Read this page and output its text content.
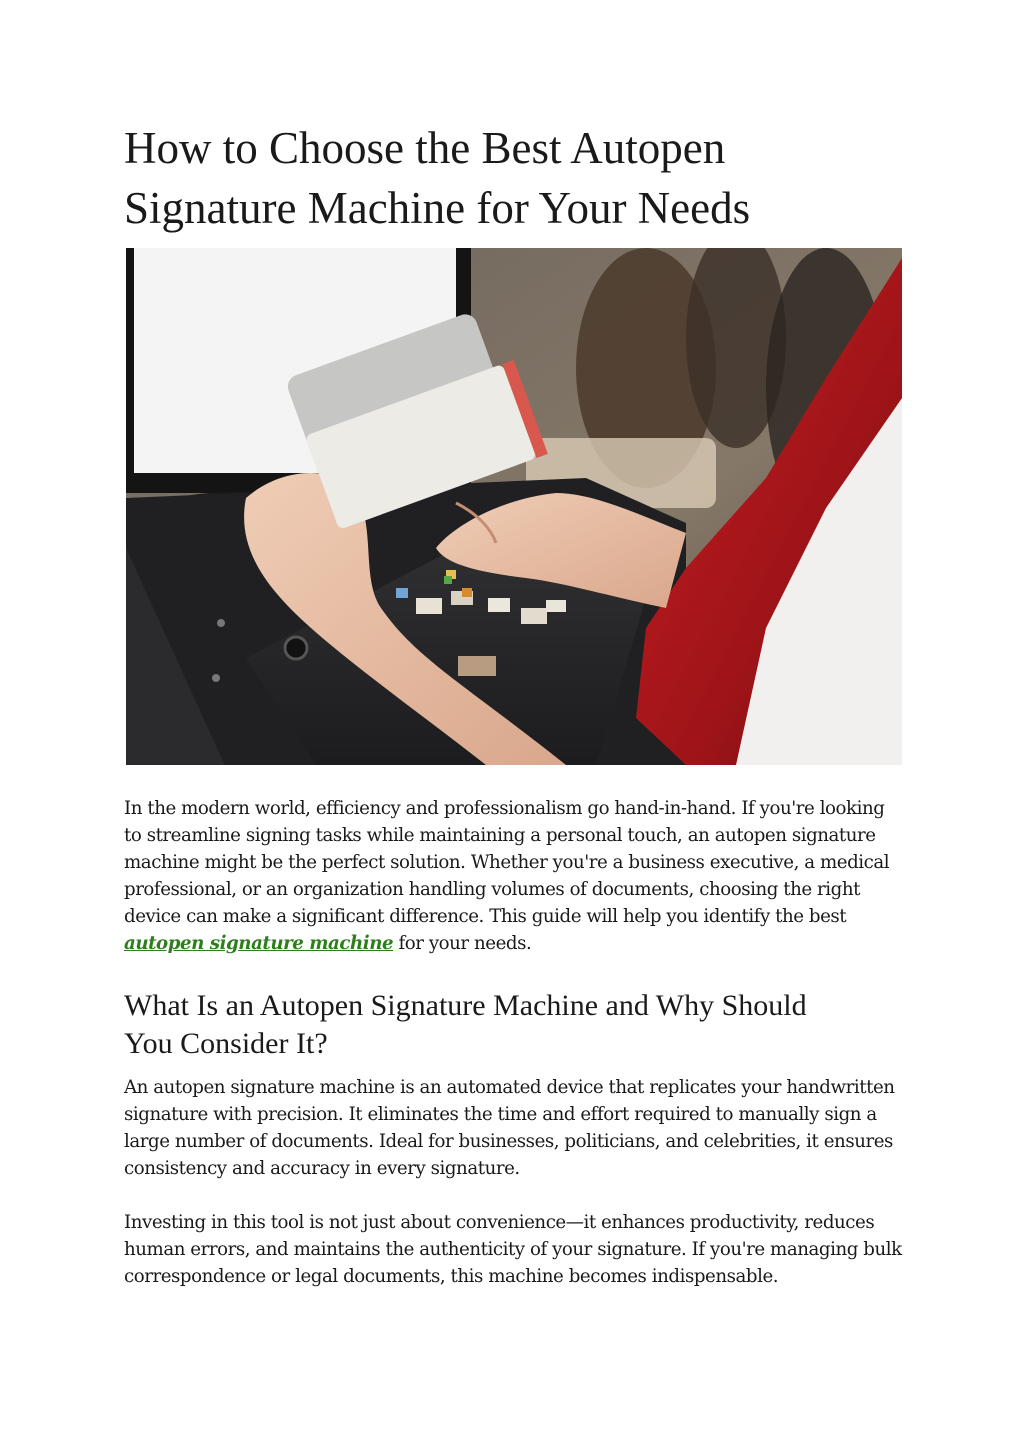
How to Choose the Best Autopen
Signature Machine for Your Needs

In the modern world, efficiency and professionalism go hand-in-hand. If you're looking to streamline signing tasks while maintaining a personal touch, an autopen signature machine might be the perfect solution. Whether you're a business executive, a medical professional, or an organization handling volumes of documents, choosing the right device can make a significant difference. This guide will help you identify the best autopen signature machine for your needs.

What Is an Autopen Signature Machine and Why Should
You Consider It?

An autopen signature machine is an automated device that replicates your handwritten signature with precision. It eliminates the time and effort required to manually sign a large number of documents. Ideal for businesses, politicians, and celebrities, it ensures consistency and accuracy in every signature.

Investing in this tool is not just about convenience—it enhances productivity, reduces human errors, and maintains the authenticity of your signature. If you're managing bulk correspondence or legal documents, this machine becomes indispensable.
